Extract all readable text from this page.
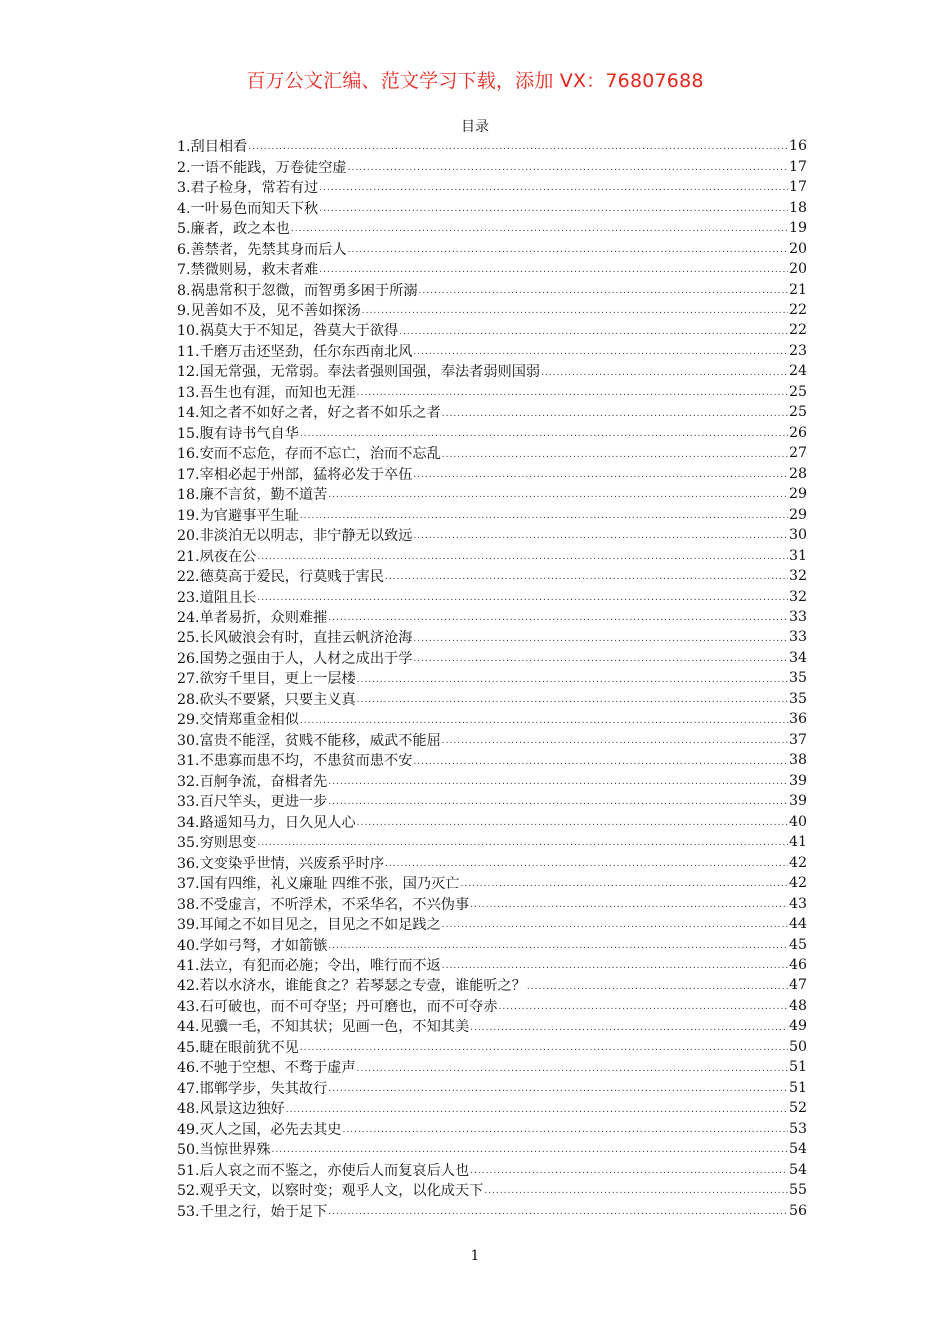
百万公文汇编、范文学习下载，添加 VX：76807688
目录
1.刮目相看 .....	16
2.一语不能践，万卷徒空虚 .....	17
3.君子检身，常若有过 .....	17
4.一叶易色而知天下秋 .....	18
5.廉者，政之本也 .....	19
6.善禁者，先禁其身而后人 .....	20
7.禁微则易，救末者难 .....	20
8.祸患常积于忽微，而智勇多困于所溺 .....	21
9.见善如不及，见不善如探汤 .....	22
10.祸莫大于不知足，咎莫大于欲得 .....	22
11.千磨万击还坚劲，任尔东西南北风 .....	23
12.国无常强，无常弱。奉法者强则国强，奉法者弱则国弱 .....	24
13.吾生也有涯，而知也无涯 .....	25
14.知之者不如好之者，好之者不如乐之者 .....	25
15.腹有诗书气自华 .....	26
16.安而不忘危，存而不忘亡，治而不忘乱 .....	27
17.宰相必起于州部，猛将必发于卒伍 .....	28
18.廉不言贫，勤不道苦 .....	29
19.为官避事平生耻 .....	29
20.非淡泊无以明志，非宁静无以致远 .....	30
21.夙夜在公 .....	31
22.德莫高于爱民，行莫贱于害民 .....	32
23.道阻且长 .....	32
24.单者易折，众则难摧 .....	33
25.长风破浪会有时，直挂云帆济沧海 .....	33
26.国势之强由于人，人材之成出于学 .....	34
27.欲穷千里目，更上一层楼 .....	35
28.砍头不要紧，只要主义真 .....	35
29.交情郑重金相似 .....	36
30.富贵不能淫，贫贱不能移，威武不能屈 .....	37
31.不患寡而患不均，不患贫而患不安 .....	38
32.百舸争流，奋楫者先 .....	39
33.百尺竿头，更进一步 .....	39
34.路遥知马力，日久见人心 .....	40
35.穷则思变 .....	41
36.文变染乎世情，兴废系乎时序 .....	42
37.国有四维，礼义廉耻 四维不张，国乃灭亡 .....	42
38.不受虚言，不听浮术，不采华名，不兴伪事 .....	43
39.耳闻之不如目见之，目见之不如足践之 .....	44
40.学如弓弩，才如箭镞 .....	45
41.法立，有犯而必施；令出，唯行而不返 .....	46
42.若以水济水，谁能食之？若琴瑟之专壹，谁能听之？ .....	47
43.石可破也，而不可夺坚；丹可磨也，而不可夺赤 .....	48
44.见骥一毛，不知其状；见画一色，不知其美 .....	49
45.睫在眼前犹不见 .....	50
46.不驰于空想、不骛于虚声 .....	51
47.邯郸学步，失其故行 .....	51
48.风景这边独好 .....	52
49.灭人之国，必先去其史 .....	53
50.当惊世界殊 .....	54
51.后人哀之而不鉴之，亦使后人而复哀后人也 .....	54
52.观乎天文，以察时变；观乎人文，以化成天下 .....	55
53.千里之行，始于足下 .....	56
1
